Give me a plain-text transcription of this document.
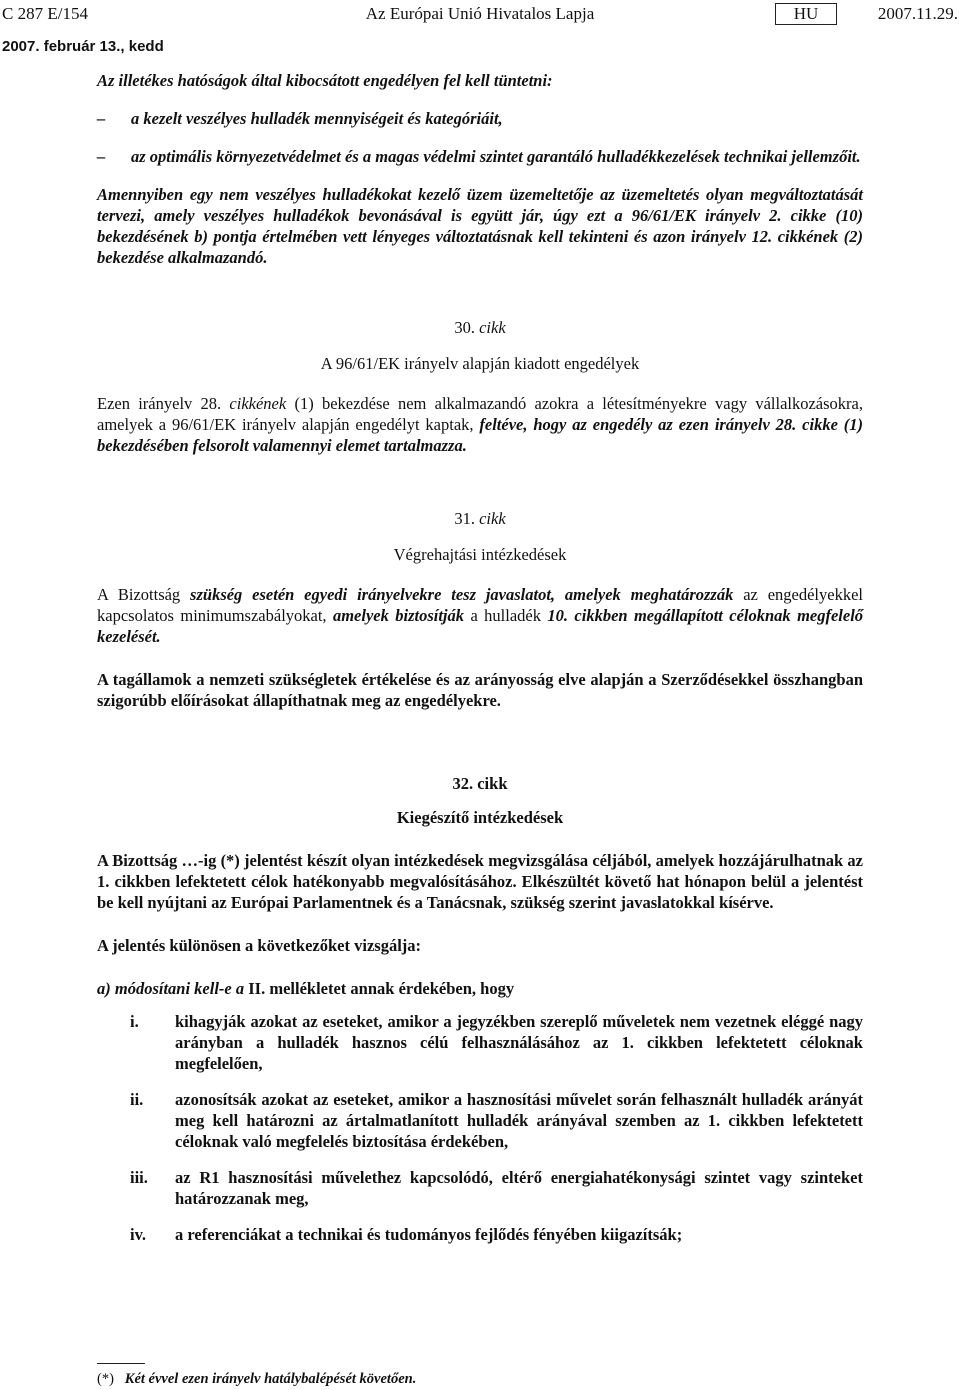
C 287 E/154	Az Európai Unió Hivatalos Lapja	HU	2007.11.29.
2007. február 13., kedd

Az illetékes hatóságok által kibocsátott engedélyen fel kell tüntetni:

– a kezelt veszélyes hulladék mennyiségeit és kategóriáit,

– az optimális környezetvédelmet és a magas védelmi szintet garantáló hulladékkezelések technikai jellemzőit.

Amennyiben egy nem veszélyes hulladékokat kezelő üzem üzemeltetője az üzemeltetés olyan megváltoztatását tervezi, amely veszélyes hulladékok bevonásával is együtt jár, úgy ezt a 96/61/EK irányelv 2. cikke (10) bekezdésének b) pontja értelmében vett lényeges változtatásnak kell tekinteni és azon irányelv 12. cikkének (2) bekezdése alkalmazandó.

30. cikk

A 96/61/EK irányelv alapján kiadott engedélyek

Ezen irányelv 28. cikkének (1) bekezdése nem alkalmazandó azokra a létesítményekre vagy vállalkozásokra, amelyek a 96/61/EK irányelv alapján engedélyt kaptak, feltéve, hogy az engedély az ezen irányelv 28. cikke (1) bekezdésében felsorolt valamennyi elemet tartalmazza.

31. cikk

Végrehajtási intézkedések

A Bizottság szükség esetén egyedi irányelvekre tesz javaslatot, amelyek meghatározzák az engedélyekkel kapcsolatos minimumszabályokat, amelyek biztosítják a hulladék 10. cikkben megállapított céloknak megfelelő kezelését.

A tagállamok a nemzeti szükségletek értékelése és az arányosság elve alapján a Szerződésekkel összhangban szigorúbb előírásokat állapíthatnak meg az engedélyekre.

32. cikk

Kiegészítő intézkedések

A Bizottság …-ig (*) jelentést készít olyan intézkedések megvizsgálása céljából, amelyek hozzájárulhatnak az 1. cikkben lefektetett célok hatékonyabb megvalósításához. Elkészültét követő hat hónapon belül a jelentést be kell nyújtani az Európai Parlamentnek és a Tanácsnak, szükség szerint javaslatokkal kísérve.

A jelentés különösen a következőket vizsgálja:

a) módosítani kell-e a II. mellékletet annak érdekében, hogy

i. kihagyják azokat az eseteket, amikor a jegyzékben szereplő műveletek nem vezetnek eléggé nagy arányban a hulladék hasznos célú felhasználásához az 1. cikkben lefektetett céloknak megfelelően,

ii. azonosítsák azokat az eseteket, amikor a hasznosítási művelet során felhasznált hulladék arányát meg kell határozni az ártalmatlanított hulladék arányával szemben az 1. cikkben lefektetett céloknak való megfelelés biztosítása érdekében,

iii. az R1 hasznosítási művelethez kapcsolódó, eltérő energiahatékonysági szintet vagy szinteket határozzanak meg,

iv. a referenciákat a technikai és tudományos fejlődés fényében kiigazítsák;

(*) Két évvel ezen irányelv hatálybalépését követően.
